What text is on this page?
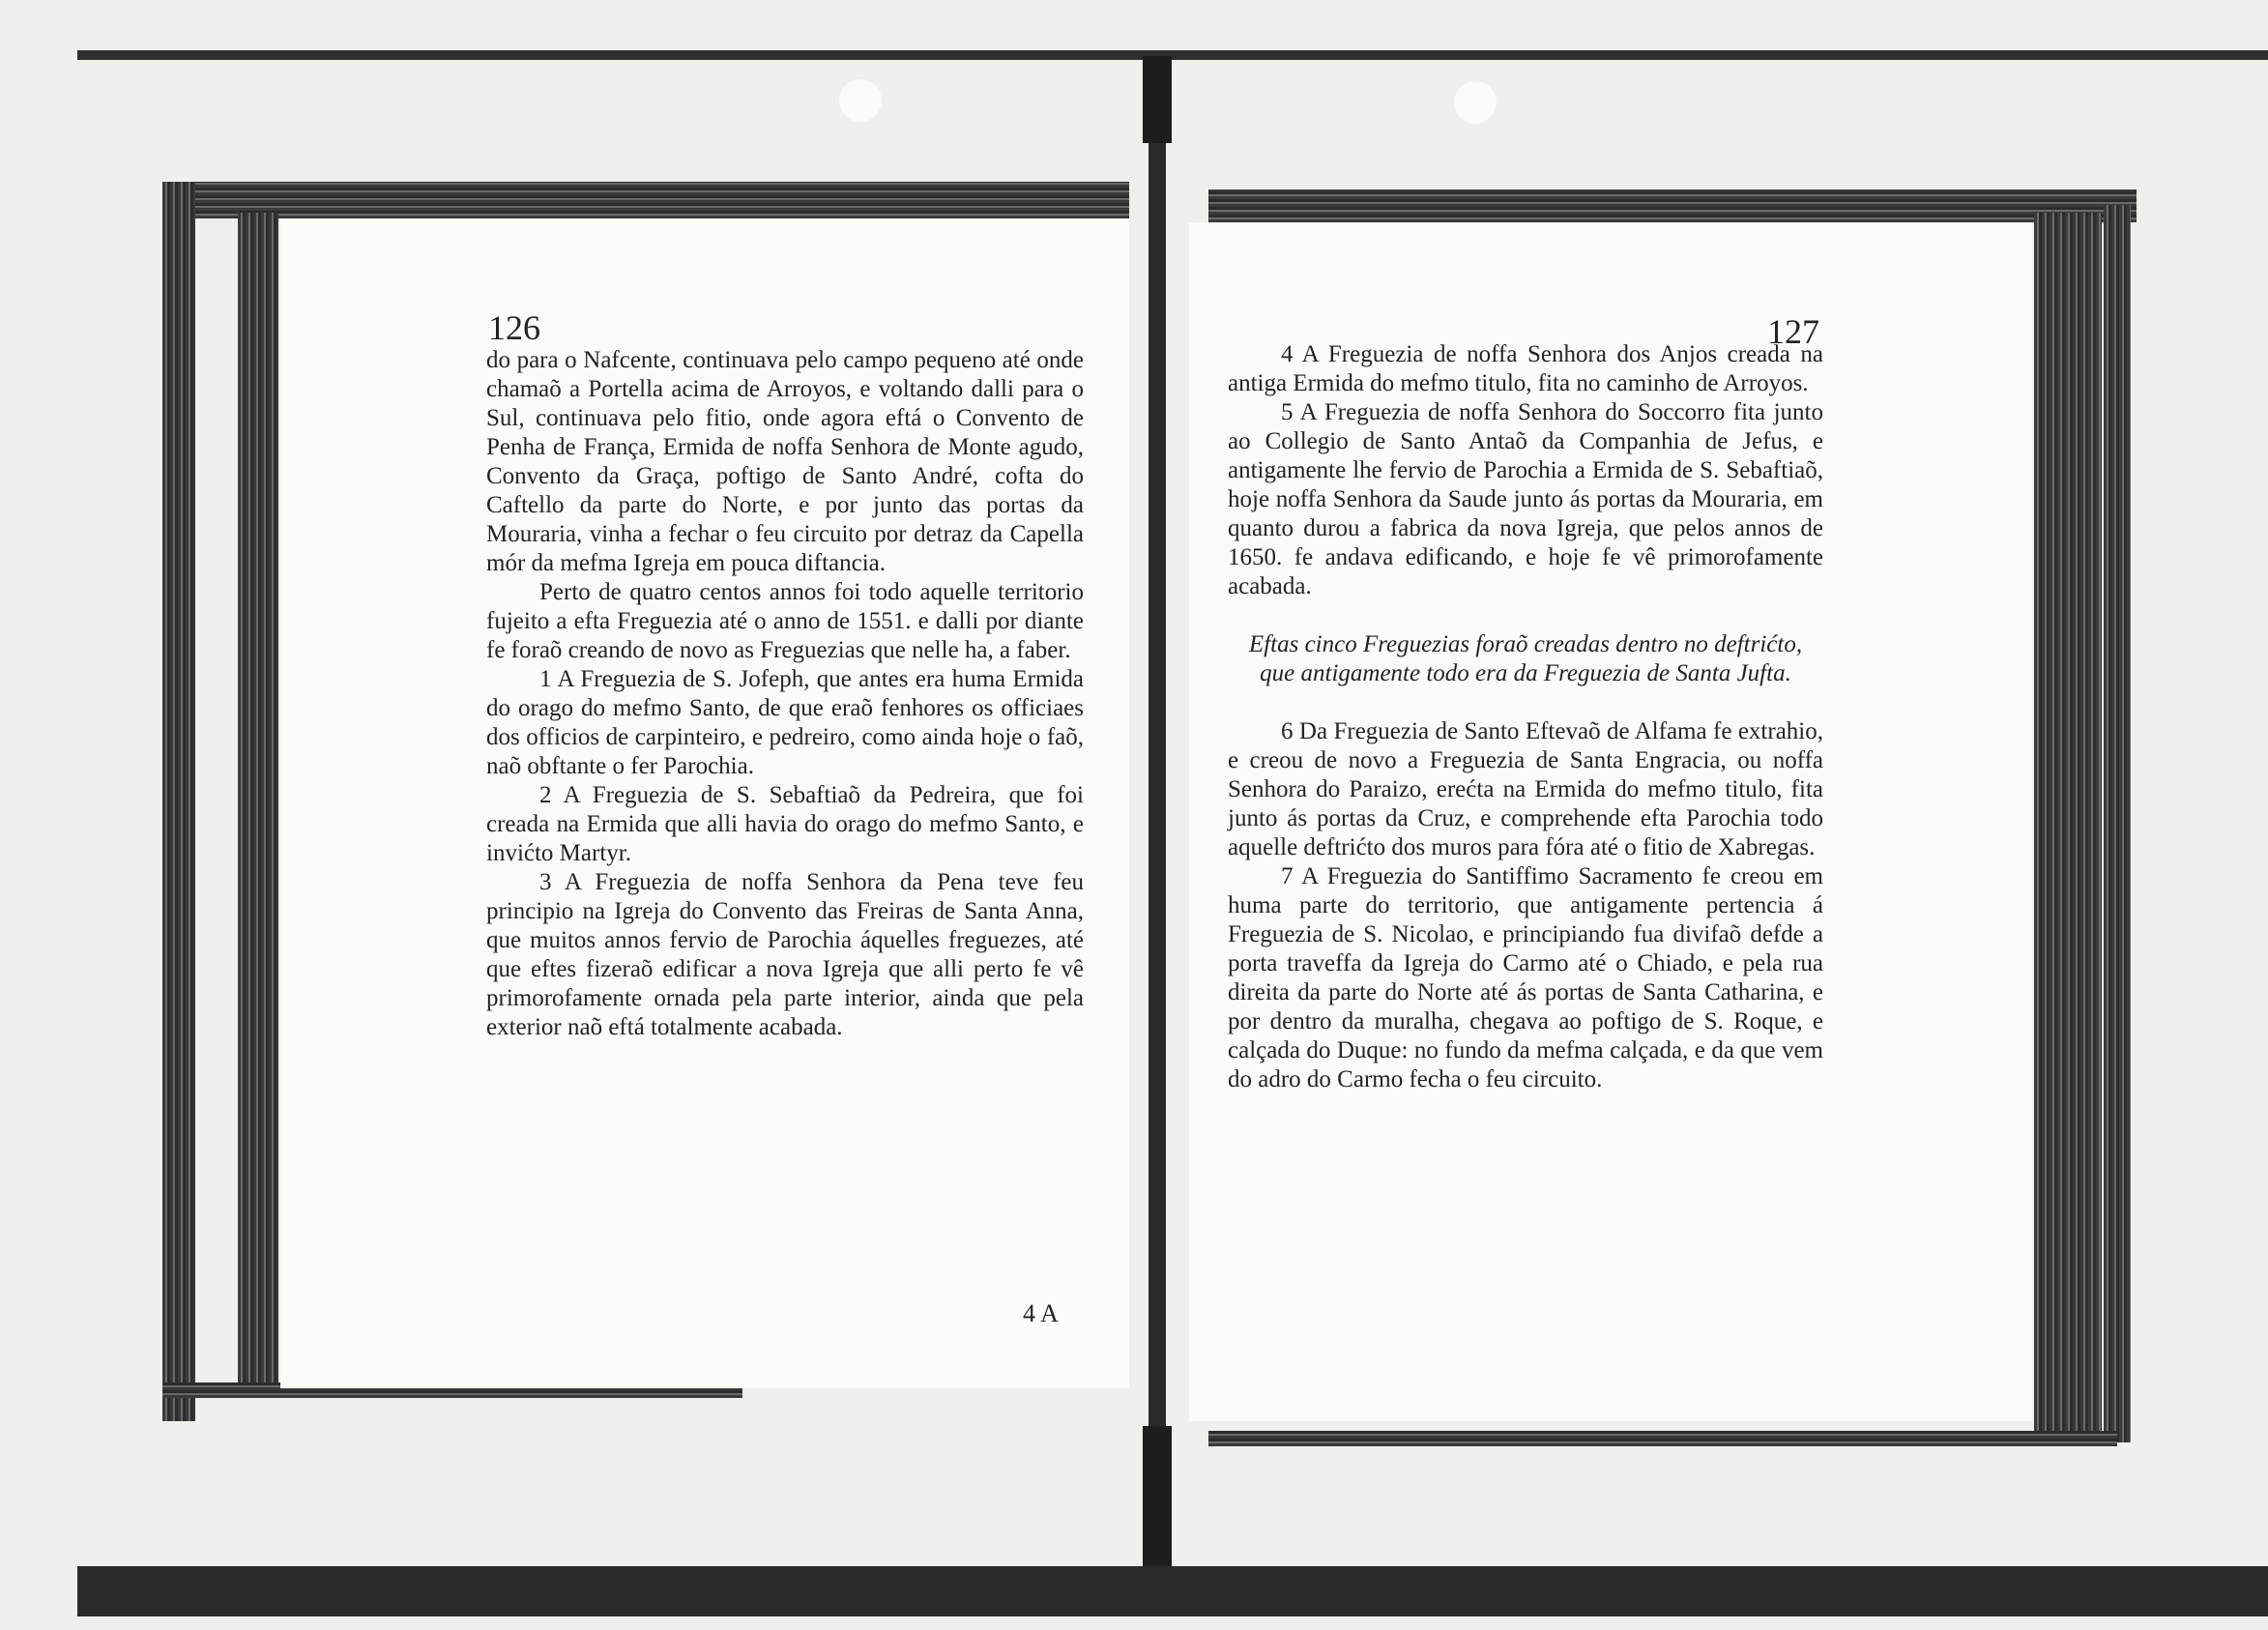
126

do para o Nafcente, continuava pelo campo pequeno até onde chamaõ a Portella acima de Arroyos, e voltando dalli para o Sul, continuava pelo fitio, onde agora eftá o Convento de Penha de França, Ermida de noffa Senhora de Monte agudo, Convento da Graça, poftigo de Santo André, cofta do Caftello da parte do Norte, e por junto das portas da Mouraria, vinha a fechar o feu circuito por detraz da Capella mór da mefma Igreja em pouca diftancia.

Perto de quatro centos annos foi todo aquelle territorio fujeito a efta Freguezia até o anno de 1551. e dalli por diante fe foraõ creando de novo as Freguezias que nelle ha, a faber.

1 A Freguezia de S. Jofeph, que antes era huma Ermida do orago do mefmo Santo, de que eraõ fenhores os officiaes dos officios de carpinteiro, e pedreiro, como ainda hoje o faõ, naõ obftante o fer Parochia.

2 A Freguezia de S. Sebaftiaõ da Pedreira, que foi creada na Ermida que alli havia do orago do mefmo Santo, e invićto Martyr.

3 A Freguezia de noffa Senhora da Pena teve feu principio na Igreja do Convento das Freiras de Santa Anna, que muitos annos fervio de Parochia áquelles freguezes, até que eftes fizeraõ edificar a nova Igreja que alli perto fe vê primorofamente ornada pela parte interior, ainda que pela exterior naõ eftá totalmente acabada.

4 A
127

4 A Freguezia de noffa Senhora dos Anjos creada na antiga Ermida do mefmo titulo, fita no caminho de Arroyos.

5 A Freguezia de noffa Senhora do Soccorro fita junto ao Collegio de Santo Antaõ da Companhia de Jefus, e antigamente lhe fervio de Parochia a Ermida de S. Sebaftiaõ, hoje noffa Senhora da Saude junto ás portas da Mouraria, em quanto durou a fabrica da nova Igreja, que pelos annos de 1650. fe andava edificando, e hoje fe vê primorofamente acabada.

Eftas cinco Freguezias foraõ creadas dentro no deftrićto, que antigamente todo era da Freguezia de Santa Jufta.

6 Da Freguezia de Santo Eftevaõ de Alfama fe extrahio, e creou de novo a Freguezia de Santa Engracia, ou noffa Senhora do Paraizo, erećta na Ermida do mefmo titulo, fita junto ás portas da Cruz, e comprehende efta Parochia todo aquelle deftrićto dos muros para fóra até o fitio de Xabregas.

7 A Freguezia do Santiffimo Sacramento fe creou em huma parte do territorio, que antigamente pertencia á Freguezia de S. Nicolao, e principiando fua divifaõ defde a porta traveffa da Igreja do Carmo até o Chiado, e pela rua direita da parte do Norte até ás portas de Santa Catharina, e por dentro da muralha, chegava ao poftigo de S. Roque, e calçada do Duque: no fundo da mefma calçada, e da que vem do adro do Carmo fecha o feu circuito.
